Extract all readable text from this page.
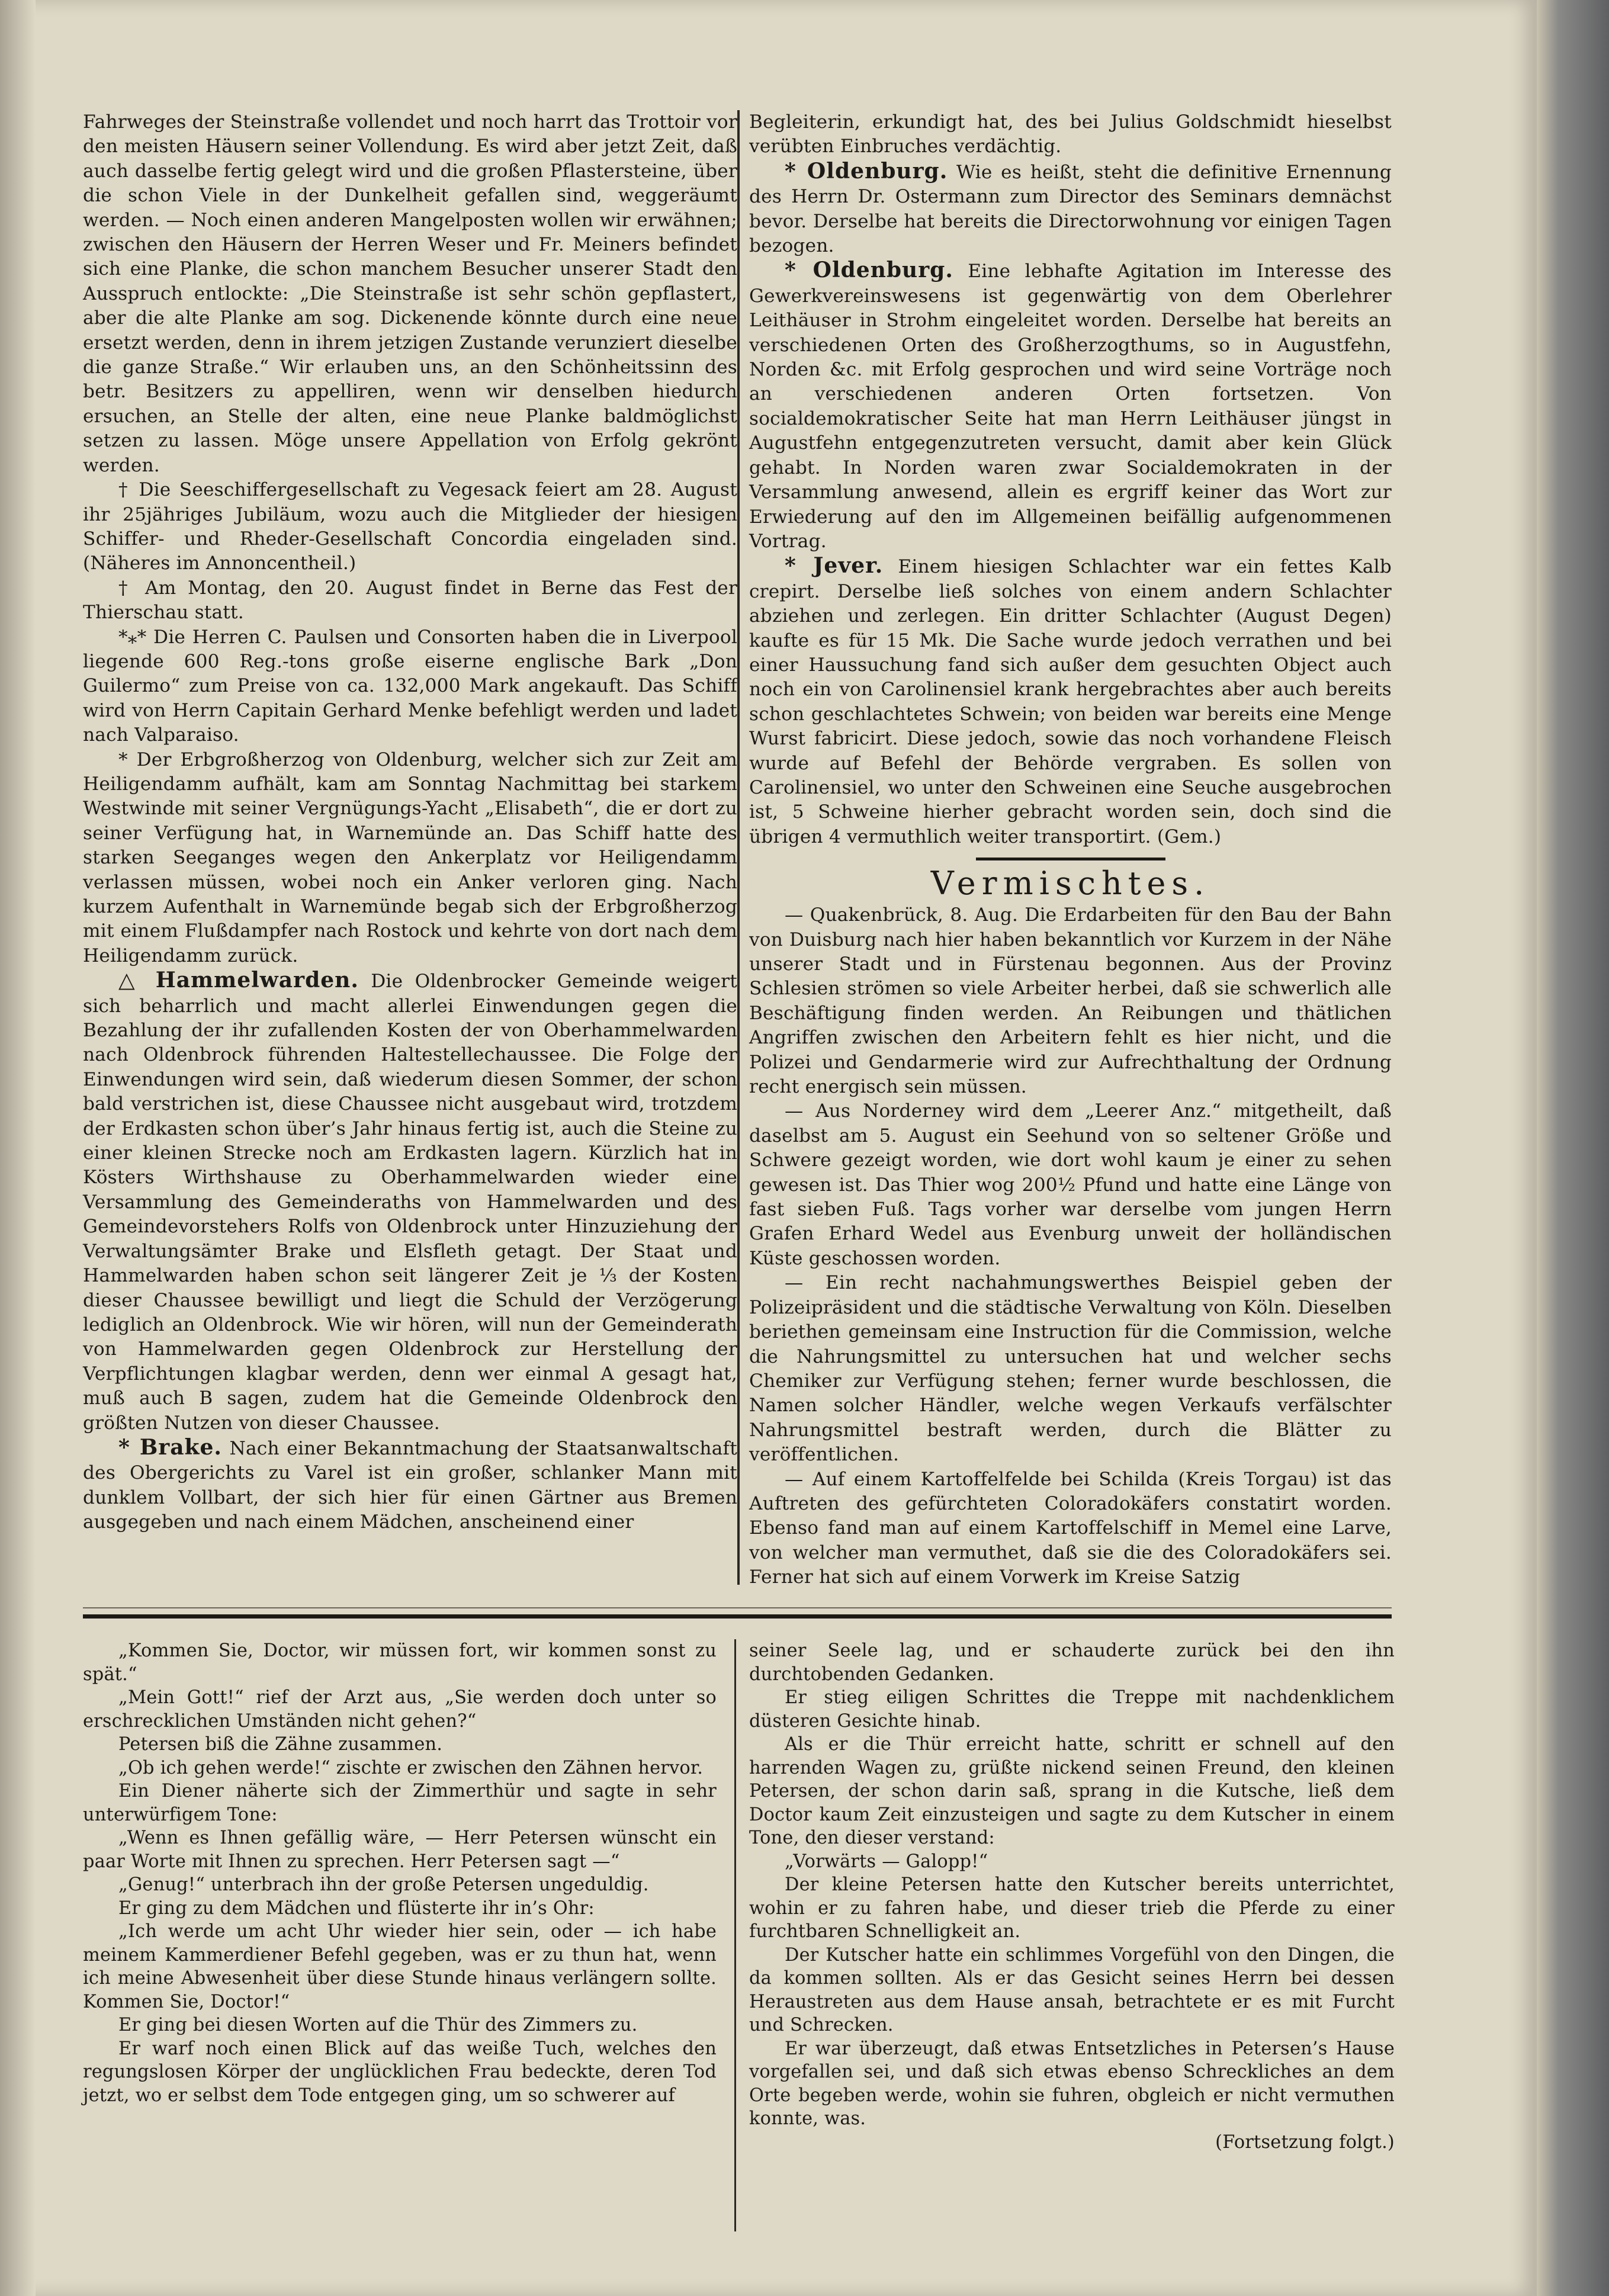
Fahrweges der Steinstraße vollendet und noch harrt das Trottoir vor den meisten Häusern seiner Vollendung. Es wird aber jetzt Zeit, daß auch dasselbe fertig gelegt wird und die großen Pflastersteine, über die schon Viele in der Dunkelheit gefallen sind, weggeräumt werden. — Noch einen anderen Mangelposten wollen wir erwähnen; zwischen den Häusern der Herren Weser und Fr. Meiners befindet sich eine Planke, die schon manchem Besucher unserer Stadt den Ausspruch entlockte: „Die Steinstraße ist sehr schön gepflastert, aber die alte Planke am sog. Dickenende könnte durch eine neue ersetzt werden, denn in ihrem jetzigen Zustande verunziert dieselbe die ganze Straße.“ Wir erlauben uns, an den Schönheitssinn des betr. Besitzers zu appelliren, wenn wir denselben hiedurch ersuchen, an Stelle der alten, eine neue Planke baldmöglichst setzen zu lassen. Möge unsere Appellation von Erfolg gekrönt werden.

† Die Seeschiffergesellschaft zu Vegesack feiert am 28. August ihr 25jähriges Jubiläum, wozu auch die Mitglieder der hiesigen Schiffer- und Rheder-Gesellschaft Concordia eingeladen sind. (Näheres im Annoncentheil.)

† Am Montag, den 20. August findet in Berne das Fest der Thierschau statt.

*⁎* Die Herren C. Paulsen und Consorten haben die in Liverpool liegende 600 Reg.-tons große eiserne englische Bark „Don Guilermo“ zum Preise von ca. 132,000 Mark angekauft. Das Schiff wird von Herrn Capitain Gerhard Menke befehligt werden und ladet nach Valparaiso.

* Der Erbgroßherzog von Oldenburg, welcher sich zur Zeit am Heiligendamm aufhält, kam am Sonntag Nachmittag bei starkem Westwinde mit seiner Vergnügungs-Yacht „Elisabeth“, die er dort zu seiner Verfügung hat, in Warnemünde an. Das Schiff hatte des starken Seeganges wegen den Ankerplatz vor Heiligendamm verlassen müssen, wobei noch ein Anker verloren ging. Nach kurzem Aufenthalt in Warnemünde begab sich der Erbgroßherzog mit einem Flußdampfer nach Rostock und kehrte von dort nach dem Heiligendamm zurück.

△ Hammelwarden. Die Oldenbrocker Gemeinde weigert sich beharrlich und macht allerlei Einwendungen gegen die Bezahlung der ihr zufallenden Kosten der von Oberhammelwarden nach Oldenbrock führenden Haltestellechaussee. Die Folge der Einwendungen wird sein, daß wiederum diesen Sommer, der schon bald verstrichen ist, diese Chaussee nicht ausgebaut wird, trotzdem der Erdkasten schon über’s Jahr hinaus fertig ist, auch die Steine zu einer kleinen Strecke noch am Erdkasten lagern. Kürzlich hat in Kösters Wirthshause zu Oberhammelwarden wieder eine Versammlung des Gemeinderaths von Hammelwarden und des Gemeindevorstehers Rolfs von Oldenbrock unter Hinzuziehung der Verwaltungsämter Brake und Elsfleth getagt. Der Staat und Hammelwarden haben schon seit längerer Zeit je ⅓ der Kosten dieser Chaussee bewilligt und liegt die Schuld der Verzögerung lediglich an Oldenbrock. Wie wir hören, will nun der Gemeinderath von Hammelwarden gegen Oldenbrock zur Herstellung der Verpflichtungen klagbar werden, denn wer einmal A gesagt hat, muß auch B sagen, zudem hat die Gemeinde Oldenbrock den größten Nutzen von dieser Chaussee.

* Brake. Nach einer Bekanntmachung der Staatsanwaltschaft des Obergerichts zu Varel ist ein großer, schlanker Mann mit dunklem Vollbart, der sich hier für einen Gärtner aus Bremen ausgegeben und nach einem Mädchen, anscheinend einer

Begleiterin, erkundigt hat, des bei Julius Goldschmidt hieselbst verübten Einbruches verdächtig.

* Oldenburg. Wie es heißt, steht die definitive Ernennung des Herrn Dr. Ostermann zum Director des Seminars demnächst bevor. Derselbe hat bereits die Directorwohnung vor einigen Tagen bezogen.

* Oldenburg. Eine lebhafte Agitation im Interesse des Gewerkvereinswesens ist gegenwärtig von dem Oberlehrer Leithäuser in Strohm eingeleitet worden. Derselbe hat bereits an verschiedenen Orten des Großherzogthums, so in Augustfehn, Norden &c. mit Erfolg gesprochen und wird seine Vorträge noch an verschiedenen anderen Orten fortsetzen. Von socialdemokratischer Seite hat man Herrn Leithäuser jüngst in Augustfehn entgegenzutreten versucht, damit aber kein Glück gehabt. In Norden waren zwar Socialdemokraten in der Versammlung anwesend, allein es ergriff keiner das Wort zur Erwiederung auf den im Allgemeinen beifällig aufgenommenen Vortrag.

* Jever. Einem hiesigen Schlachter war ein fettes Kalb crepirt. Derselbe ließ solches von einem andern Schlachter abziehen und zerlegen. Ein dritter Schlachter (August Degen) kaufte es für 15 Mk. Die Sache wurde jedoch verrathen und bei einer Haussuchung fand sich außer dem gesuchten Object auch noch ein von Carolinensiel krank hergebrachtes aber auch bereits schon geschlachtetes Schwein; von beiden war bereits eine Menge Wurst fabricirt. Diese jedoch, sowie das noch vorhandene Fleisch wurde auf Befehl der Behörde vergraben. Es sollen von Carolinensiel, wo unter den Schweinen eine Seuche ausgebrochen ist, 5 Schweine hierher gebracht worden sein, doch sind die übrigen 4 vermuthlich weiter transportirt. (Gem.)

Vermischtes.

— Quakenbrück, 8. Aug. Die Erdarbeiten für den Bau der Bahn von Duisburg nach hier haben bekanntlich vor Kurzem in der Nähe unserer Stadt und in Fürstenau begonnen. Aus der Provinz Schlesien strömen so viele Arbeiter herbei, daß sie schwerlich alle Beschäftigung finden werden. An Reibungen und thätlichen Angriffen zwischen den Arbeitern fehlt es hier nicht, und die Polizei und Gendarmerie wird zur Aufrechthaltung der Ordnung recht energisch sein müssen.

— Aus Norderney wird dem „Leerer Anz.“ mitgetheilt, daß daselbst am 5. August ein Seehund von so seltener Größe und Schwere gezeigt worden, wie dort wohl kaum je einer zu sehen gewesen ist. Das Thier wog 200½ Pfund und hatte eine Länge von fast sieben Fuß. Tags vorher war derselbe vom jungen Herrn Grafen Erhard Wedel aus Evenburg unweit der holländischen Küste geschossen worden.

— Ein recht nachahmungswerthes Beispiel geben der Polizeipräsident und die städtische Verwaltung von Köln. Dieselben beriethen gemeinsam eine Instruction für die Commission, welche die Nahrungsmittel zu untersuchen hat und welcher sechs Chemiker zur Verfügung stehen; ferner wurde beschlossen, die Namen solcher Händler, welche wegen Verkaufs verfälschter Nahrungsmittel bestraft werden, durch die Blätter zu veröffentlichen.

— Auf einem Kartoffelfelde bei Schilda (Kreis Torgau) ist das Auftreten des gefürchteten Coloradokäfers constatirt worden. Ebenso fand man auf einem Kartoffelschiff in Memel eine Larve, von welcher man vermuthet, daß sie die des Coloradokäfers sei. Ferner hat sich auf einem Vorwerk im Kreise Satzig

„Kommen Sie, Doctor, wir müssen fort, wir kommen sonst zu spät.“

„Mein Gott!“ rief der Arzt aus, „Sie werden doch unter so erschrecklichen Umständen nicht gehen?“

Petersen biß die Zähne zusammen.

„Ob ich gehen werde!“ zischte er zwischen den Zähnen hervor.

Ein Diener näherte sich der Zimmerthür und sagte in sehr unterwürfigem Tone:

„Wenn es Ihnen gefällig wäre, — Herr Petersen wünscht ein paar Worte mit Ihnen zu sprechen. Herr Petersen sagt —“

„Genug!“ unterbrach ihn der große Petersen ungeduldig.

Er ging zu dem Mädchen und flüsterte ihr in’s Ohr:

„Ich werde um acht Uhr wieder hier sein, oder — ich habe meinem Kammerdiener Befehl gegeben, was er zu thun hat, wenn ich meine Abwesenheit über diese Stunde hinaus verlängern sollte. Kommen Sie, Doctor!“

Er ging bei diesen Worten auf die Thür des Zimmers zu.

Er warf noch einen Blick auf das weiße Tuch, welches den regungslosen Körper der unglücklichen Frau bedeckte, deren Tod jetzt, wo er selbst dem Tode entgegen ging, um so schwerer auf

seiner Seele lag, und er schauderte zurück bei den ihn durchtobenden Gedanken.

Er stieg eiligen Schrittes die Treppe mit nachdenklichem düsteren Gesichte hinab.

Als er die Thür erreicht hatte, schritt er schnell auf den harrenden Wagen zu, grüßte nickend seinen Freund, den kleinen Petersen, der schon darin saß, sprang in die Kutsche, ließ dem Doctor kaum Zeit einzusteigen und sagte zu dem Kutscher in einem Tone, den dieser verstand:

„Vorwärts — Galopp!“

Der kleine Petersen hatte den Kutscher bereits unterrichtet, wohin er zu fahren habe, und dieser trieb die Pferde zu einer furchtbaren Schnelligkeit an.

Der Kutscher hatte ein schlimmes Vorgefühl von den Dingen, die da kommen sollten. Als er das Gesicht seines Herrn bei dessen Heraustreten aus dem Hause ansah, betrachtete er es mit Furcht und Schrecken.

Er war überzeugt, daß etwas Entsetzliches in Petersen’s Hause vorgefallen sei, und daß sich etwas ebenso Schreckliches an dem Orte begeben werde, wohin sie fuhren, obgleich er nicht vermuthen konnte, was.

(Fortsetzung folgt.)
